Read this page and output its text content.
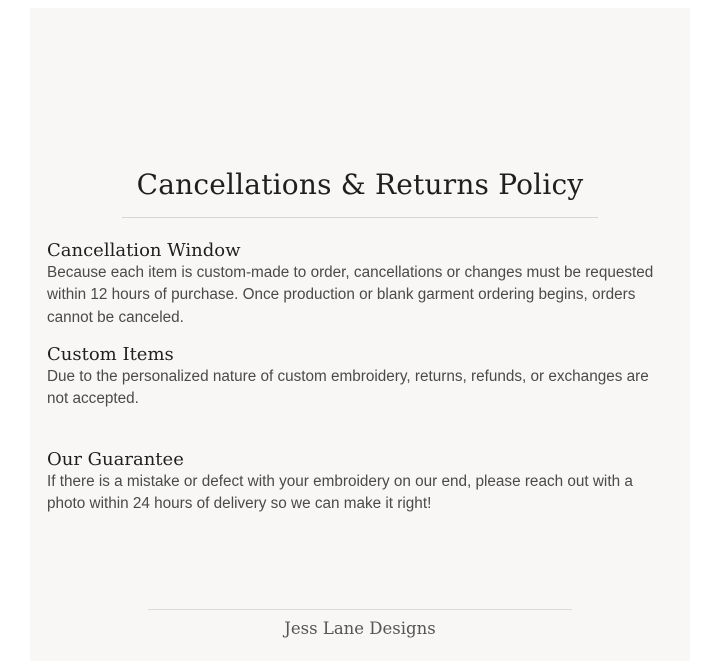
Cancellations & Returns Policy
Cancellation Window

Because each item is custom-made to order, cancellations or changes must be requested within 12 hours of purchase. Once production or blank garment ordering begins, orders cannot be canceled.

Custom Items

Due to the personalized nature of custom embroidery, returns, refunds, or exchanges are not accepted.

Our Guarantee

If there is a mistake or defect with your embroidery on our end, please reach out with a photo within 24 hours of delivery so we can make it right!

Jess Lane Designs
